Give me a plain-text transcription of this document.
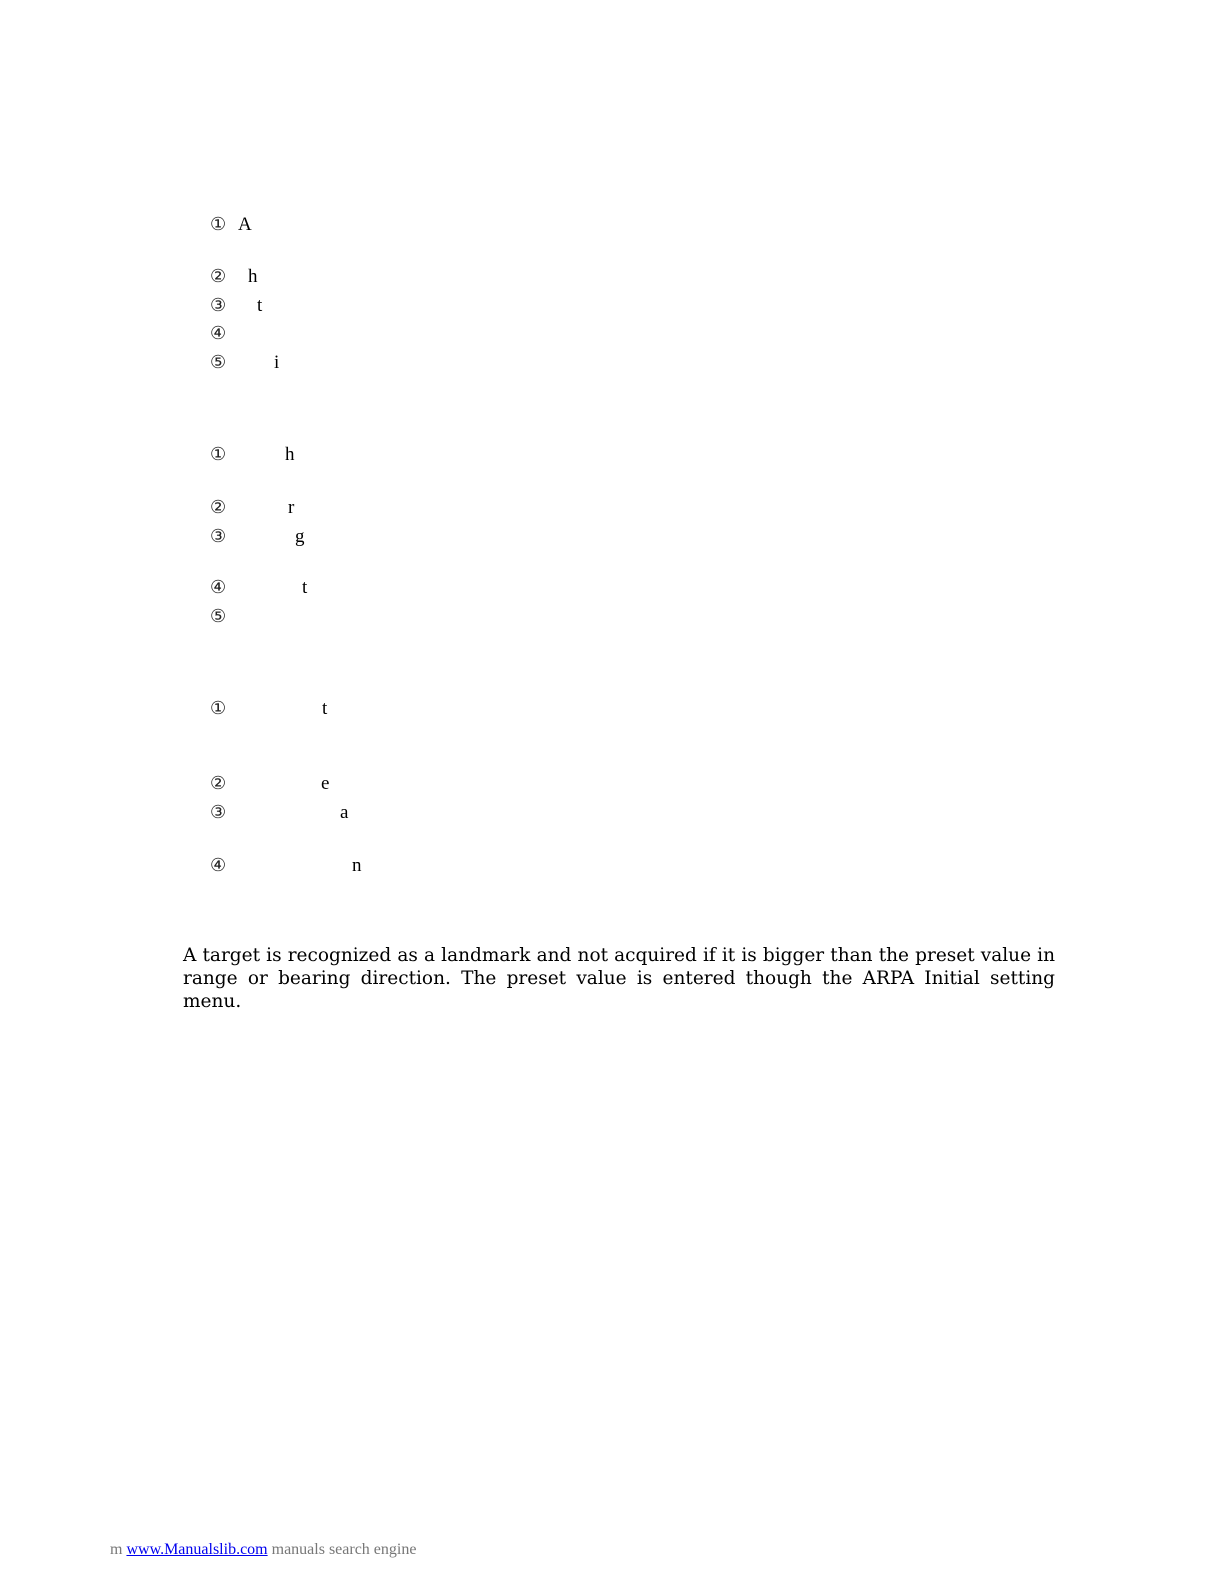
① A
② h
③ t
④
⑤	i
①	h
②	r
③	g
④	t
⑤
①	t
②	e
③	a
④	n

A target is recognized as a landmark and not acquired if it is bigger than the preset value in range or bearing direction. The preset value is entered though the ARPA Initial setting menu.

m www.Manualslib.com manuals search engine
